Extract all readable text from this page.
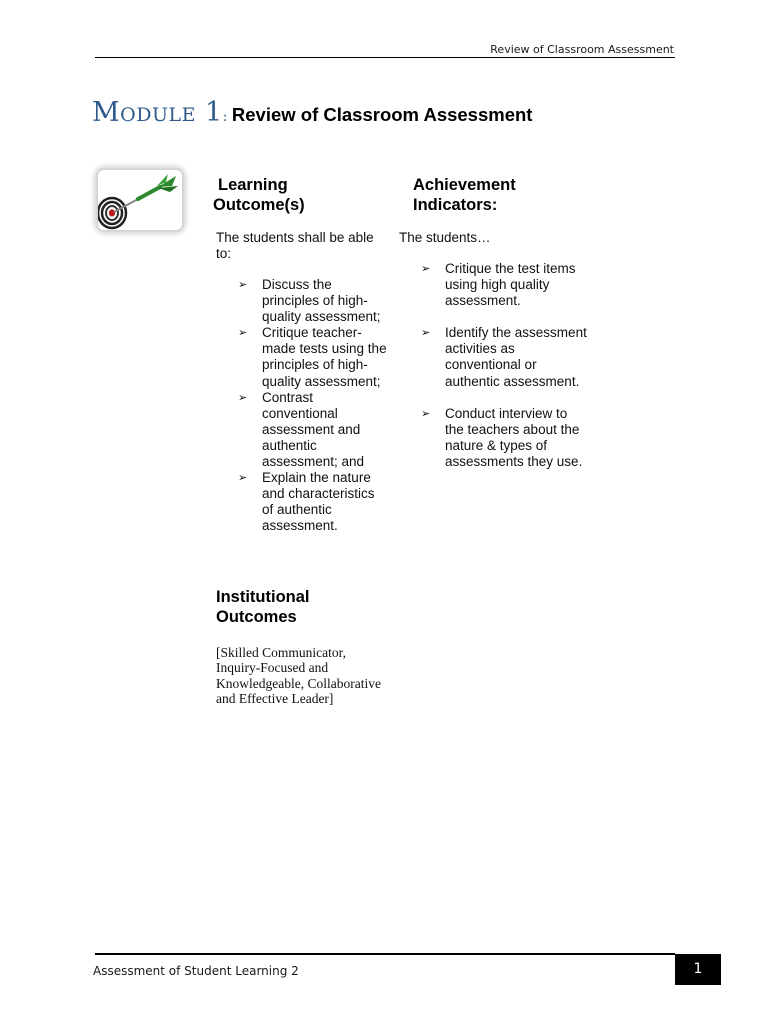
Review of Classroom Assessment
Module 1: Review of Classroom Assessment
Learning
Outcome(s)
The students shall be able to:
➢ Discuss the principles of high-quality assessment;
➢ Critique teacher-made tests using the principles of high-quality assessment;
➢ Contrast conventional assessment and authentic assessment; and
➢ Explain the nature and characteristics of authentic assessment.
Achievement
Indicators:
The students…
➢ Critique the test items using high quality assessment.
➢ Identify the assessment activities as conventional or authentic assessment.
➢ Conduct interview to the teachers about the nature & types of assessments they use.
Institutional
Outcomes
[Skilled Communicator, Inquiry-Focused and Knowledgeable, Collaborative and Effective Leader]
Assessment of Student Learning 2	1
